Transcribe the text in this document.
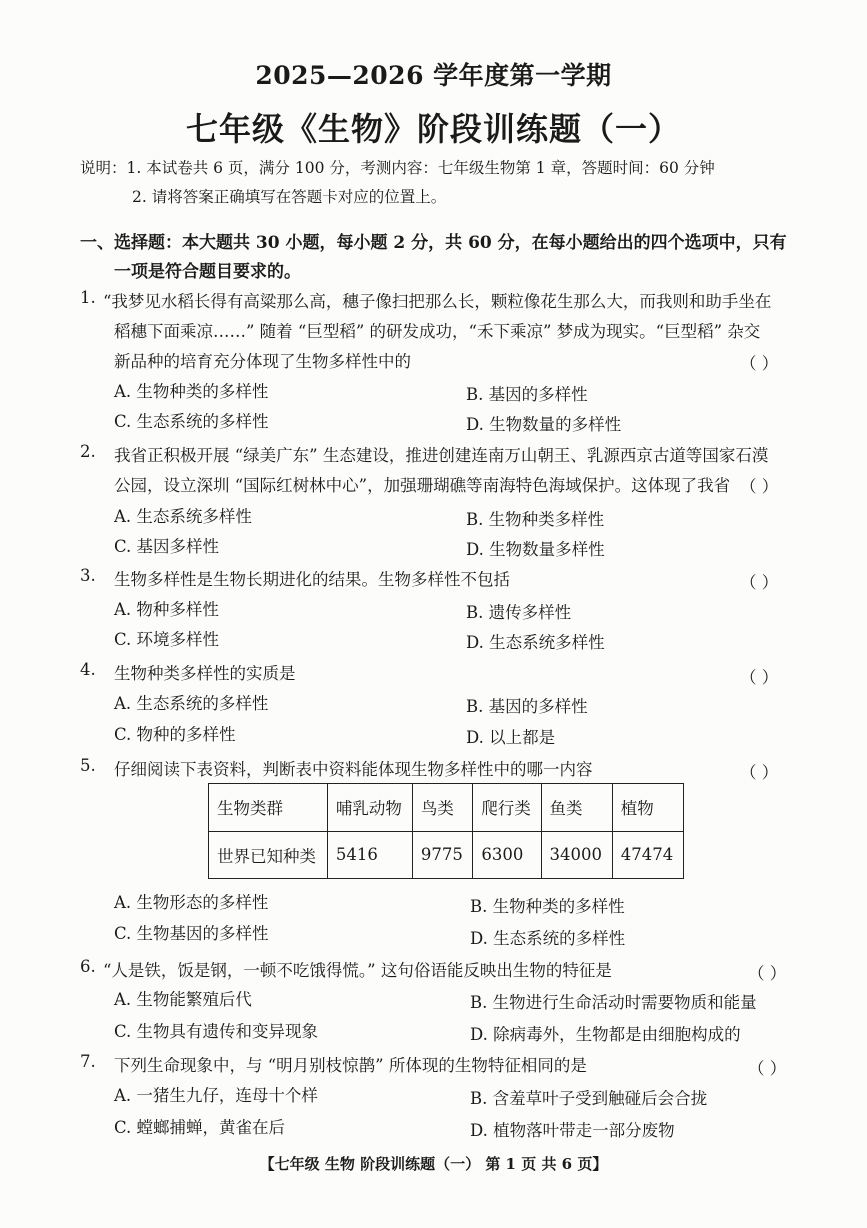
2025—2026 学年度第一学期
七年级《生物》阶段训练题（一）
说明：1. 本试卷共 6 页，满分 100 分，考测内容：七年级生物第 1 章，答题时间：60 分钟
2. 请将答案正确填写在答题卡对应的位置上。
一、选择题：本大题共 30 小题，每小题 2 分，共 60 分，在每小题给出的四个选项中，只有
一项是符合题目要求的。
1. “我梦见水稻长得有高粱那么高，穗子像扫把那么长，颗粒像花生那么大，而我则和助手坐在
稻穗下面乘凉……” 随着 “巨型稻” 的研发成功，“禾下乘凉” 梦成为现实。“巨型稻” 杂交
新品种的培育充分体现了生物多样性中的	（ ）
A. 生物种类的多样性	B. 基因的多样性
C. 生态系统的多样性	D. 生物数量的多样性
2. 我省正积极开展 “绿美广东” 生态建设，推进创建连南万山朝王、乳源西京古道等国家石漠
公园，设立深圳 “国际红树林中心”，加强珊瑚礁等南海特色海域保护。这体现了我省 （ ）
A. 生态系统多样性	B. 生物种类多样性
C. 基因多样性	D. 生物数量多样性
3. 生物多样性是生物长期进化的结果。生物多样性不包括	（ ）
A. 物种多样性	B. 遗传多样性
C. 环境多样性	D. 生态系统多样性
4. 生物种类多样性的实质是	（ ）
A. 生态系统的多样性	B. 基因的多样性
C. 物种的多样性	D. 以上都是
5. 仔细阅读下表资料，判断表中资料能体现生物多样性中的哪一内容	（ ）
生物类群	哺乳动物	鸟类	爬行类	鱼类	植物
世界已知种类	5416	9775	6300	34000	47474
A. 生物形态的多样性	B. 生物种类的多样性
C. 生物基因的多样性	D. 生态系统的多样性
6. “人是铁，饭是钢，一顿不吃饿得慌。” 这句俗语能反映出生物的特征是	（ ）
A. 生物能繁殖后代	B. 生物进行生命活动时需要物质和能量
C. 生物具有遗传和变异现象	D. 除病毒外，生物都是由细胞构成的
7. 下列生命现象中，与 “明月别枝惊鹊” 所体现的生物特征相同的是	（ ）
A. 一猪生九仔，连母十个样	B. 含羞草叶子受到触碰后会合拢
C. 螳螂捕蝉，黄雀在后	D. 植物落叶带走一部分废物
【七年级 生物 阶段训练题（一） 第 1 页 共 6 页】
